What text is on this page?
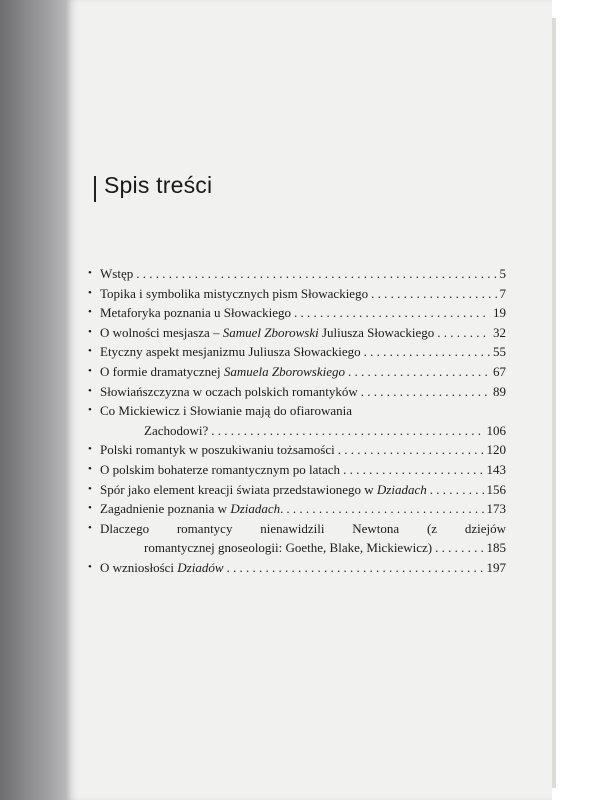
Spis treści
• Wstęp . . .	5
• Topika i symbolika mistycznych pism Słowackiego . . .	7
• Metaforyka poznania u Słowackiego . . .	19
• O wolności mesjasza – Samuel Zborowski Juliusza Słowackiego . . .	32
• Etyczny aspekt mesjanizmu Juliusza Słowackiego . . .	55
• O formie dramatycznej Samuela Zborowskiego . . .	67
• Słowiańszczyzna w oczach polskich romantyków . . .	89
• Co Mickiewicz i Słowianie mają do ofiarowania
Zachodowi? . . .	106
• Polski romantyk w poszukiwaniu tożsamości . . .	120
• O polskim bohaterze romantycznym po latach . . .	143
• Spór jako element kreacji świata przedstawionego w Dziadach . . .	156
• Zagadnienie poznania w Dziadach. . . .	173
• Dlaczego romantycy nienawidzili Newtona (z dziejów
romantycznej gnoseologii: Goethe, Blake, Mickiewicz) . . .	185
• O wzniosłości Dziadów . . .	197
